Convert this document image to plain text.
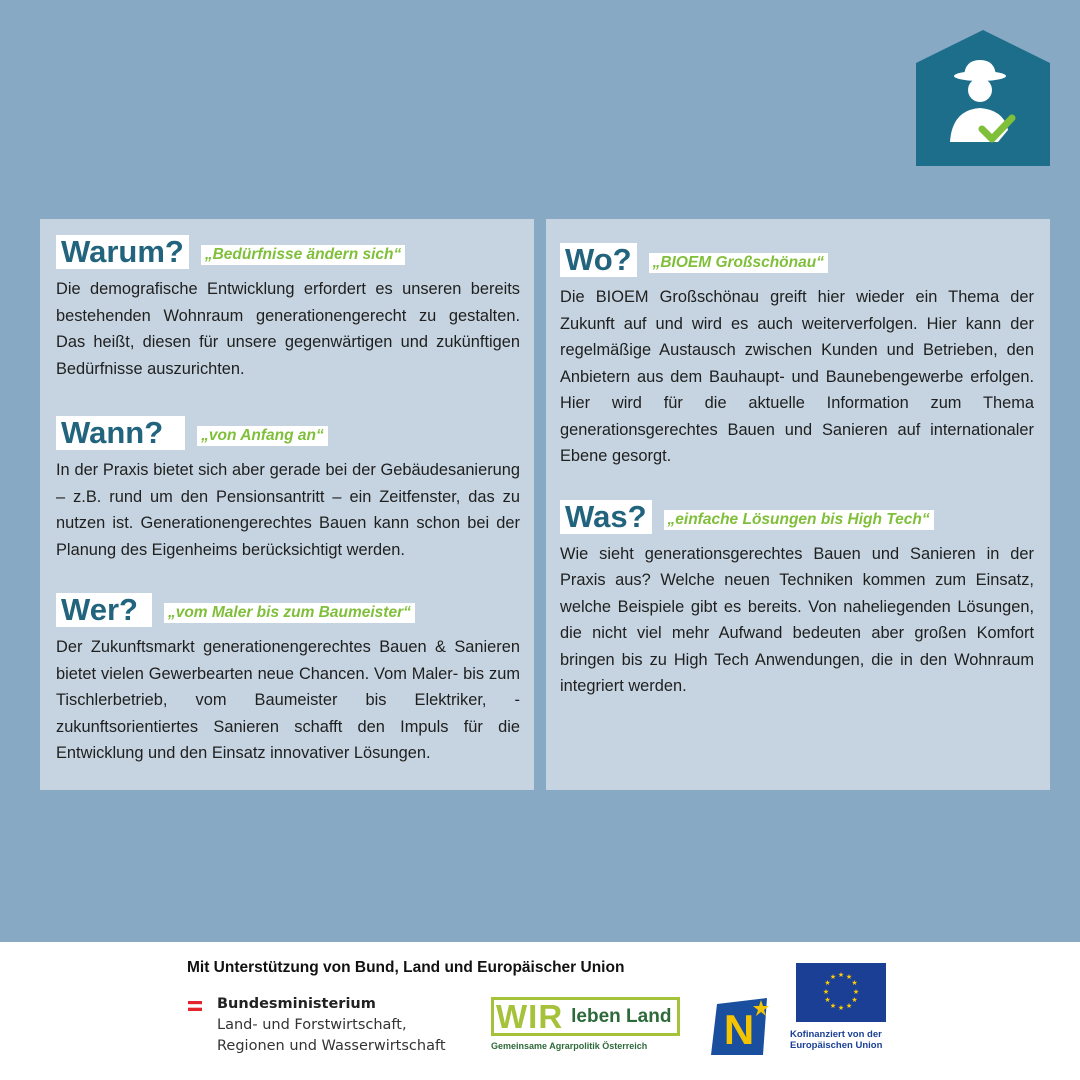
Warum?	„Bedürfnisse ändern sich“
Die demografische Entwicklung erfordert es unseren bereits bestehenden Wohnraum generationengerecht zu gestalten. Das heißt, diesen für unsere gegenwärtigen und zukünftigen Bedürfnisse auszurichten.
Wann?	„von Anfang an“
In der Praxis bietet sich aber gerade bei der Gebäudesanierung – z.B. rund um den Pensionsantritt – ein Zeitfenster, das zu nutzen ist. Generationengerechtes Bauen kann schon bei der Planung des Eigenheims berücksichtigt werden.
Wer?	„vom Maler bis zum Baumeister“
Der Zukunftsmarkt generationengerechtes Bauen & Sanieren bietet vielen Gewerbearten neue Chancen. Vom Maler- bis zum Tischlerbetrieb, vom Baumeister bis Elektriker, - zukunftsorientiertes Sanieren schafft den Impuls für die Entwicklung und den Einsatz innovativer Lösungen.
Wo?	„BIOEM Großschönau“
Die BIOEM Großschönau greift hier wieder ein Thema der Zukunft auf und wird es auch weiterverfolgen. Hier kann der regelmäßige Austausch zwischen Kunden und Betrieben, den Anbietern aus dem Bauhaupt- und Baunebengewerbe erfolgen. Hier wird für die aktuelle Information zum Thema generationsgerechtes Bauen und Sanieren auf internationaler Ebene gesorgt.
Was?	„einfache Lösungen bis High Tech“
Wie sieht generationsgerechtes Bauen und Sanieren in der Praxis aus? Welche neuen Techniken kommen zum Einsatz, welche Beispiele gibt es bereits. Von naheliegenden Lösungen, die nicht viel mehr Aufwand bedeuten aber großen Komfort bringen bis zu High Tech Anwendungen, die in den Wohnraum integriert werden.
Mit Unterstützung von Bund, Land und Europäischer Union
Bundesministerium
Land- und Forstwirtschaft,
Regionen und Wasserwirtschaft
WIR leben Land
Gemeinsame Agrarpolitik Österreich	N
★ ★
★
★
★
★
★
★
★
★
★
★
Kofinanziert von der
Europäischen Union
